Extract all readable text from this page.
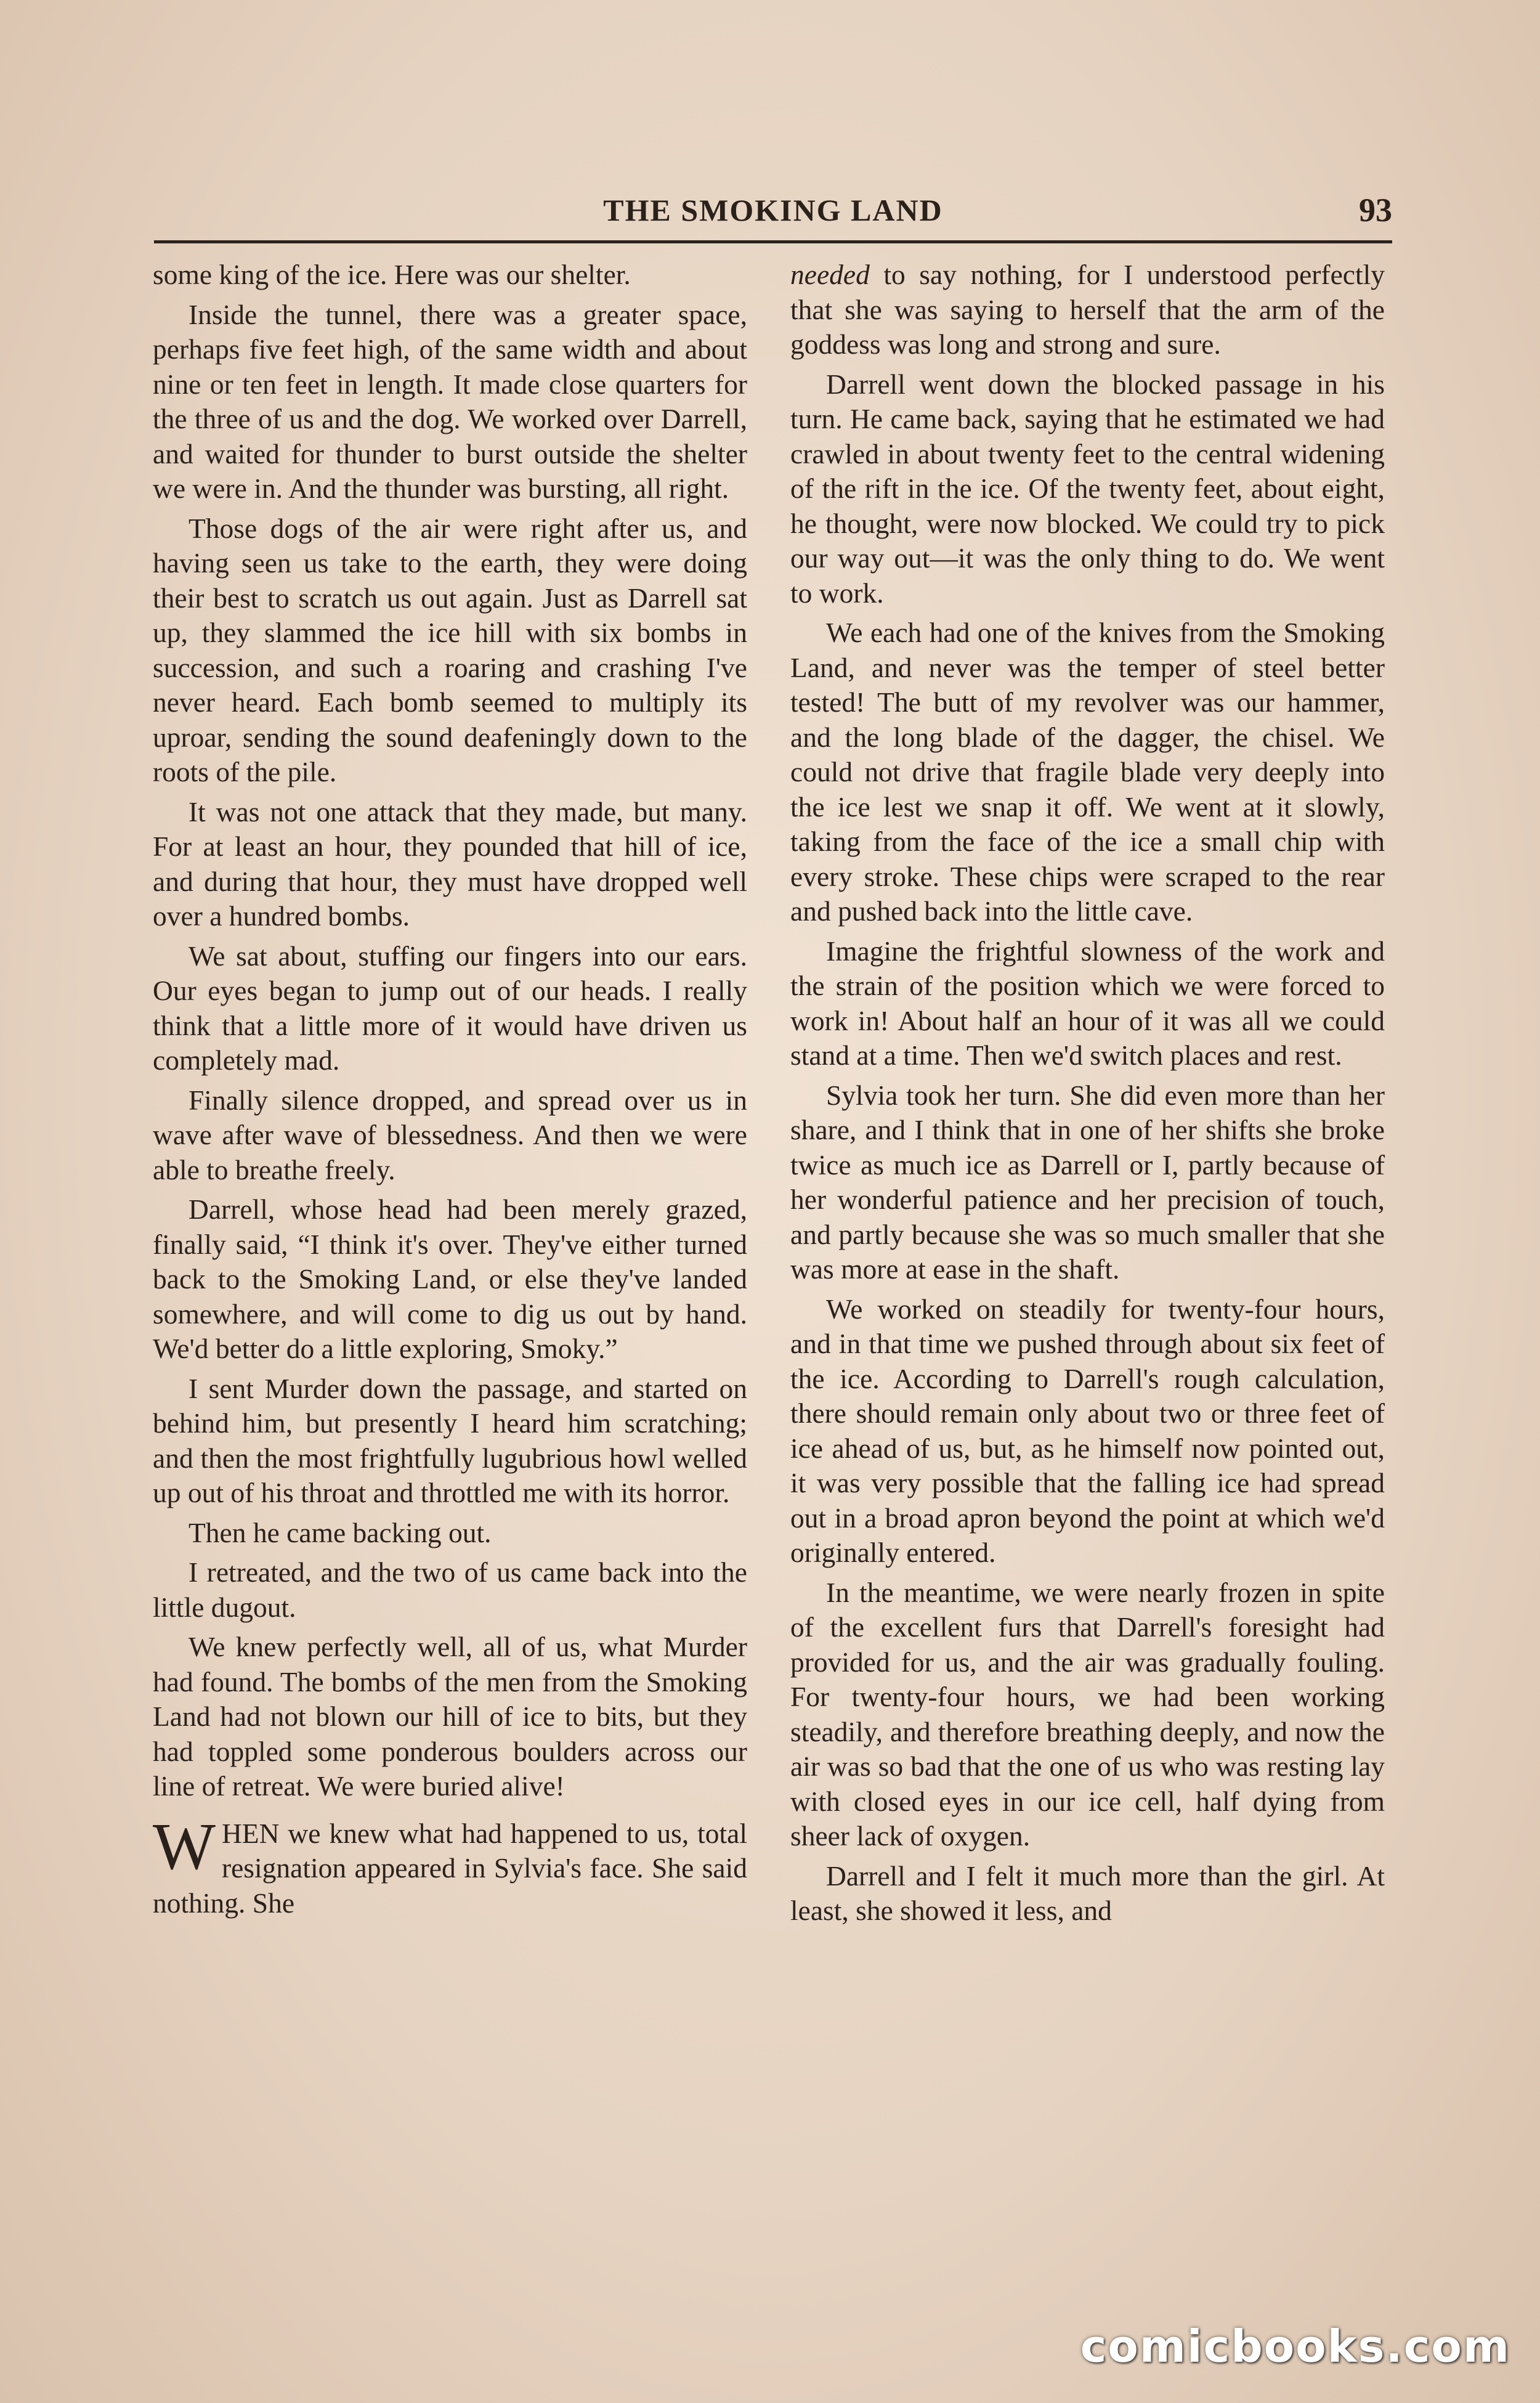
THE SMOKING LAND	93

some king of the ice. Here was our shelter.

Inside the tunnel, there was a greater space, perhaps five feet high, of the same width and about nine or ten feet in length. It made close quarters for the three of us and the dog. We worked over Darrell, and waited for thunder to burst outside the shelter we were in. And the thunder was bursting, all right.

Those dogs of the air were right after us, and having seen us take to the earth, they were doing their best to scratch us out again. Just as Darrell sat up, they slammed the ice hill with six bombs in succession, and such a roaring and crashing I've never heard. Each bomb seemed to multiply its uproar, sending the sound deafeningly down to the roots of the pile.

It was not one attack that they made, but many. For at least an hour, they pounded that hill of ice, and during that hour, they must have dropped well over a hundred bombs.

We sat about, stuffing our fingers into our ears. Our eyes began to jump out of our heads. I really think that a little more of it would have driven us completely mad.

Finally silence dropped, and spread over us in wave after wave of blessedness. And then we were able to breathe freely.

Darrell, whose head had been merely grazed, finally said, “I think it's over. They've either turned back to the Smoking Land, or else they've landed somewhere, and will come to dig us out by hand. We'd better do a little exploring, Smoky.”

I sent Murder down the passage, and started on behind him, but presently I heard him scratching; and then the most frightfully lugubrious howl welled up out of his throat and throttled me with its horror.

Then he came backing out.

I retreated, and the two of us came back into the little dugout.

We knew perfectly well, all of us, what Murder had found. The bombs of the men from the Smoking Land had not blown our hill of ice to bits, but they had toppled some ponderous boulders across our line of retreat. We were buried alive!

WHEN we knew what had happened to us, total resignation appeared in Sylvia's face. She said nothing. She

needed to say nothing, for I understood perfectly that she was saying to herself that the arm of the goddess was long and strong and sure.

Darrell went down the blocked passage in his turn. He came back, saying that he estimated we had crawled in about twenty feet to the central widening of the rift in the ice. Of the twenty feet, about eight, he thought, were now blocked. We could try to pick our way out—it was the only thing to do. We went to work.

We each had one of the knives from the Smoking Land, and never was the temper of steel better tested! The butt of my revolver was our hammer, and the long blade of the dagger, the chisel. We could not drive that fragile blade very deeply into the ice lest we snap it off. We went at it slowly, taking from the face of the ice a small chip with every stroke. These chips were scraped to the rear and pushed back into the little cave.

Imagine the frightful slowness of the work and the strain of the position which we were forced to work in! About half an hour of it was all we could stand at a time. Then we'd switch places and rest.

Sylvia took her turn. She did even more than her share, and I think that in one of her shifts she broke twice as much ice as Darrell or I, partly because of her wonderful patience and her precision of touch, and partly because she was so much smaller that she was more at ease in the shaft.

We worked on steadily for twenty-four hours, and in that time we pushed through about six feet of the ice. According to Darrell's rough calculation, there should remain only about two or three feet of ice ahead of us, but, as he himself now pointed out, it was very possible that the falling ice had spread out in a broad apron beyond the point at which we'd originally entered.

In the meantime, we were nearly frozen in spite of the excellent furs that Darrell's foresight had provided for us, and the air was gradually fouling. For twenty-four hours, we had been working steadily, and therefore breathing deeply, and now the air was so bad that the one of us who was resting lay with closed eyes in our ice cell, half dying from sheer lack of oxygen.

Darrell and I felt it much more than the girl. At least, she showed it less, and

comicbooks.com
